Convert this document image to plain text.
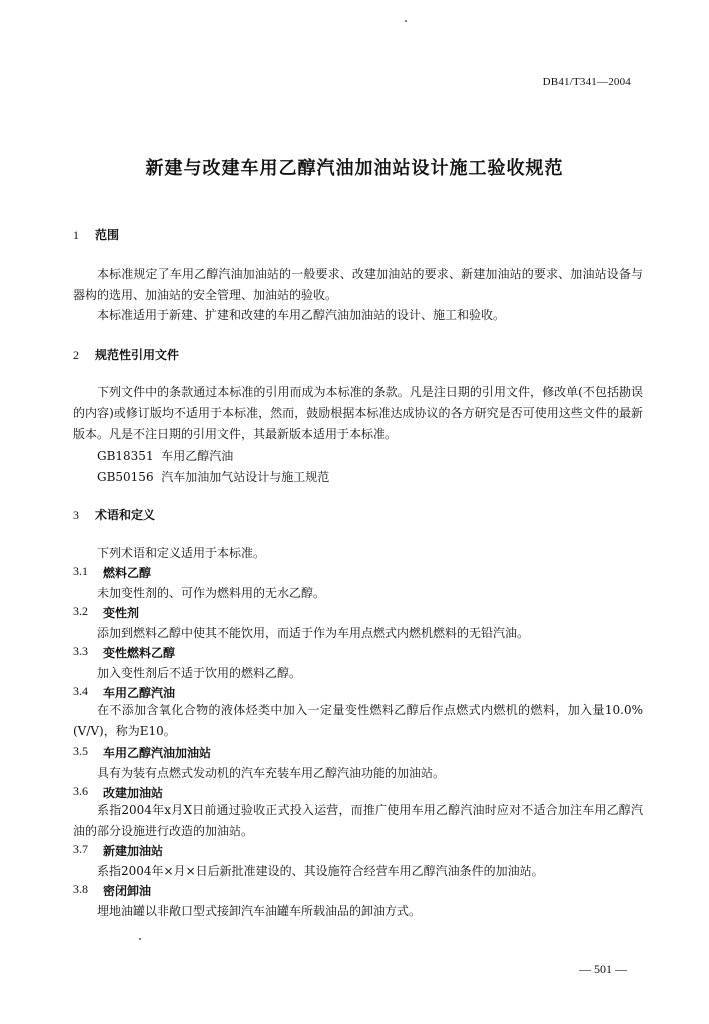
DB41/T341—2004
新建与改建车用乙醇汽油加油站设计施工验收规范
1 范围
本标准规定了车用乙醇汽油加油站的一般要求、改建加油站的要求、新建加油站的要求、加油站设备与器构的选用、加油站的安全管理、加油站的验收。
本标准适用于新建、扩建和改建的车用乙醇汽油加油站的设计、施工和验收。
2 规范性引用文件
下列文件中的条款通过本标准的引用而成为本标准的条款。凡是注日期的引用文件，修改单(不包括勘误的内容)或修订版均不适用于本标准，然而，鼓励根据本标准达成协议的各方研究是否可使用这些文件的最新版本。凡是不注日期的引用文件，其最新版本适用于本标准。
GB18351 车用乙醇汽油
GB50156 汽车加油加气站设计与施工规范
3 术语和定义
下列术语和定义适用于本标准。
3.1 燃料乙醇
未加变性剂的、可作为燃料用的无水乙醇。
3.2 变性剂
添加到燃料乙醇中使其不能饮用，而适于作为车用点燃式内燃机燃料的无铅汽油。
3.3 变性燃料乙醇
加入变性剂后不适于饮用的燃料乙醇。
3.4 车用乙醇汽油
在不添加含氧化合物的液体烃类中加入一定量变性燃料乙醇后作点燃式内燃机的燃料，加入量10.0%(V/V)，称为E10。
3.5 车用乙醇汽油加油站
具有为装有点燃式发动机的汽车充装车用乙醇汽油功能的加油站。
3.6 改建加油站
系指2004年x月X日前通过验收正式投入运营，而推广使用车用乙醇汽油时应对不适合加注车用乙醇汽油的部分设施进行改造的加油站。
3.7 新建加油站
系指2004年×月×日后新批准建设的、其设施符合经营车用乙醇汽油条件的加油站。
3.8 密闭卸油
埋地油罐以非敞口型式接卸汽车油罐车所载油品的卸油方式。
— 501 —
